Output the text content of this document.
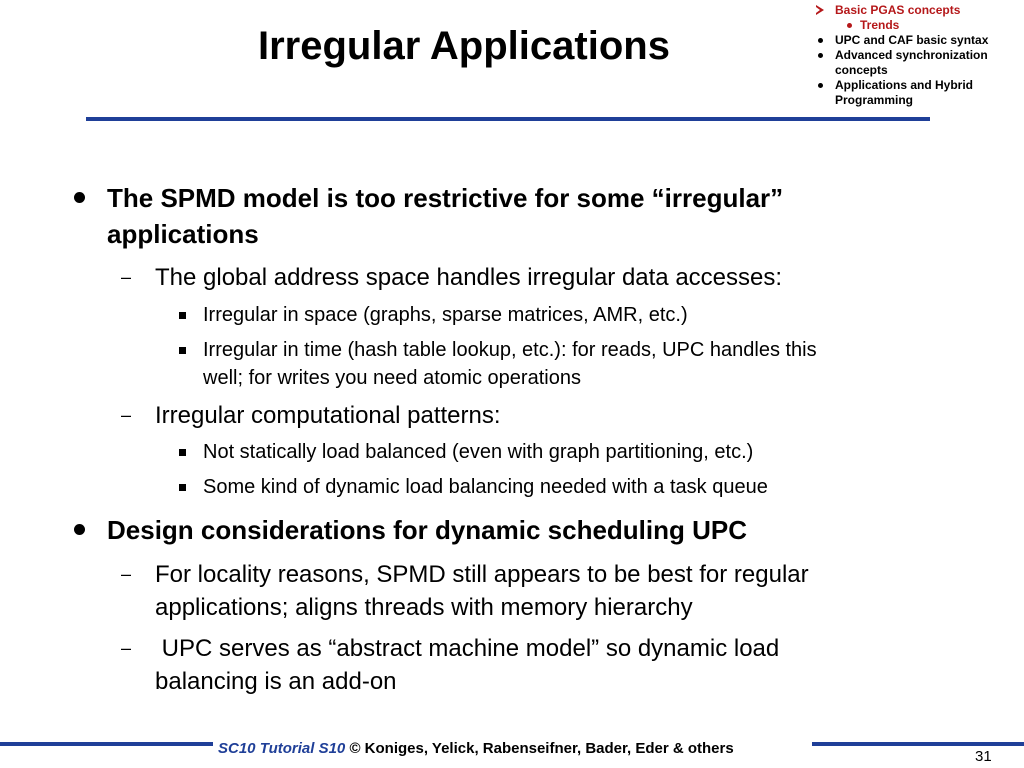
Irregular Applications
Basic PGAS concepts
Trends
UPC and CAF basic syntax
Advanced synchronization
concepts
Applications and Hybrid
Programming
The SPMD model is too restrictive for some “irregular”
applications
– The global address space handles irregular data accesses:
Irregular in space (graphs, sparse matrices, AMR, etc.)
Irregular in time (hash table lookup, etc.): for reads, UPC handles this
well; for writes you need atomic operations
– Irregular computational patterns:
Not statically load balanced (even with graph partitioning, etc.)
Some kind of dynamic load balancing needed with a task queue
Design considerations for dynamic scheduling UPC
– For locality reasons, SPMD still appears to be best for regular
applications; aligns threads with memory hierarchy
– UPC serves as “abstract machine model” so dynamic load
balancing is an add-on
SC10 Tutorial S10 © Koniges, Yelick, Rabenseifner, Bader, Eder & others	31
